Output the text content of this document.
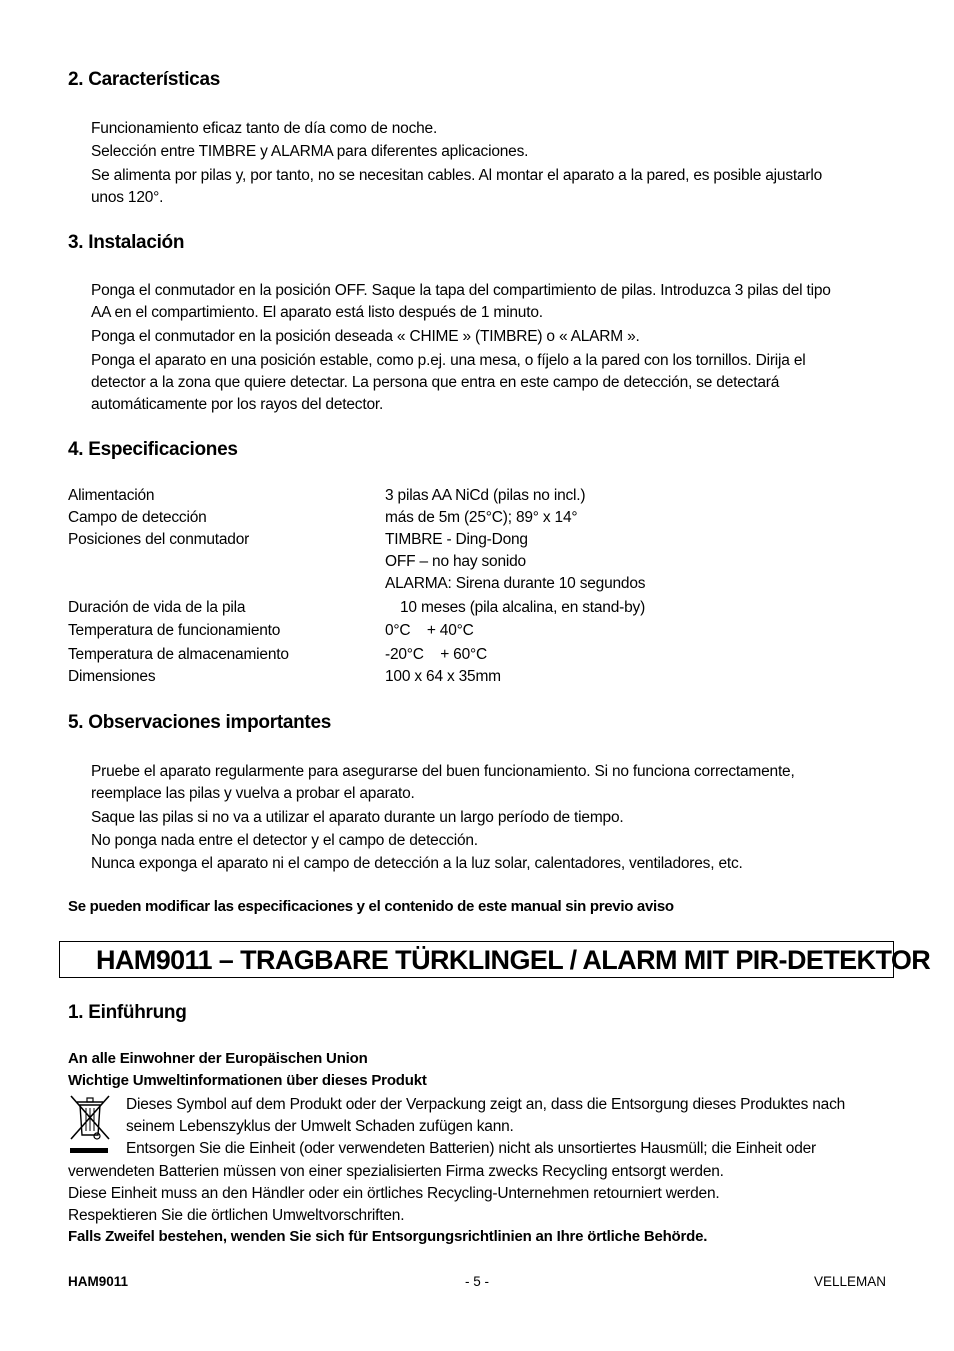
2. Características
Funcionamiento eficaz tanto de día como de noche.
Selección entre TIMBRE y ALARMA para diferentes aplicaciones.
Se alimenta por pilas y, por tanto, no se necesitan cables. Al montar el aparato a la pared, es posible ajustarlo
unos 120°.
3. Instalación
Ponga el conmutador en la posición OFF. Saque la tapa del compartimiento de pilas. Introduzca 3 pilas del tipo
AA en el compartimiento. El aparato está listo después de 1 minuto.
Ponga el conmutador en la posición deseada « CHIME » (TIMBRE) o « ALARM ».
Ponga el aparato en una posición estable, como p.ej. una mesa, o fíjelo a la pared con los tornillos. Dirija el
detector a la zona que quiere detectar. La persona que entra en este campo de detección, se detectará
automáticamente por los rayos del detector.
4. Especificaciones
Alimentación	3 pilas AA NiCd (pilas no incl.)
Campo de detección	más de 5m (25°C); 89° x 14°
Posiciones del conmutador	TIMBRE - Ding-Dong
OFF – no hay sonido
ALARMA: Sirena durante 10 segundos
Duración de vida de la pila	10 meses (pila alcalina, en stand-by)
Temperatura de funcionamiento	0°C    + 40°C
Temperatura de almacenamiento	-20°C    + 60°C
Dimensiones	100 x 64 x 35mm
5. Observaciones importantes
Pruebe el aparato regularmente para asegurarse del buen funcionamiento. Si no funciona correctamente,
reemplace las pilas y vuelva a probar el aparato.
Saque las pilas si no va a utilizar el aparato durante un largo período de tiempo.
No ponga nada entre el detector y el campo de detección.
Nunca exponga el aparato ni el campo de detección a la luz solar, calentadores, ventiladores, etc.
Se pueden modificar las especificaciones y el contenido de este manual sin previo aviso
HAM9011 – TRAGBARE TÜRKLINGEL / ALARM MIT PIR-DETEKTOR
1. Einführung
An alle Einwohner der Europäischen Union
Wichtige Umweltinformationen über dieses Produkt
Dieses Symbol auf dem Produkt oder der Verpackung zeigt an, dass die Entsorgung dieses Produktes nach
seinem Lebenszyklus der Umwelt Schaden zufügen kann.
Entsorgen Sie die Einheit (oder verwendeten Batterien) nicht als unsortiertes Hausmüll; die Einheit oder
verwendeten Batterien müssen von einer spezialisierten Firma zwecks Recycling entsorgt werden.
Diese Einheit muss an den Händler oder ein örtliches Recycling-Unternehmen retourniert werden.
Respektieren Sie die örtlichen Umweltvorschriften.
Falls Zweifel bestehen, wenden Sie sich für Entsorgungsrichtlinien an Ihre örtliche Behörde.
HAM9011	- 5 -	VELLEMAN
